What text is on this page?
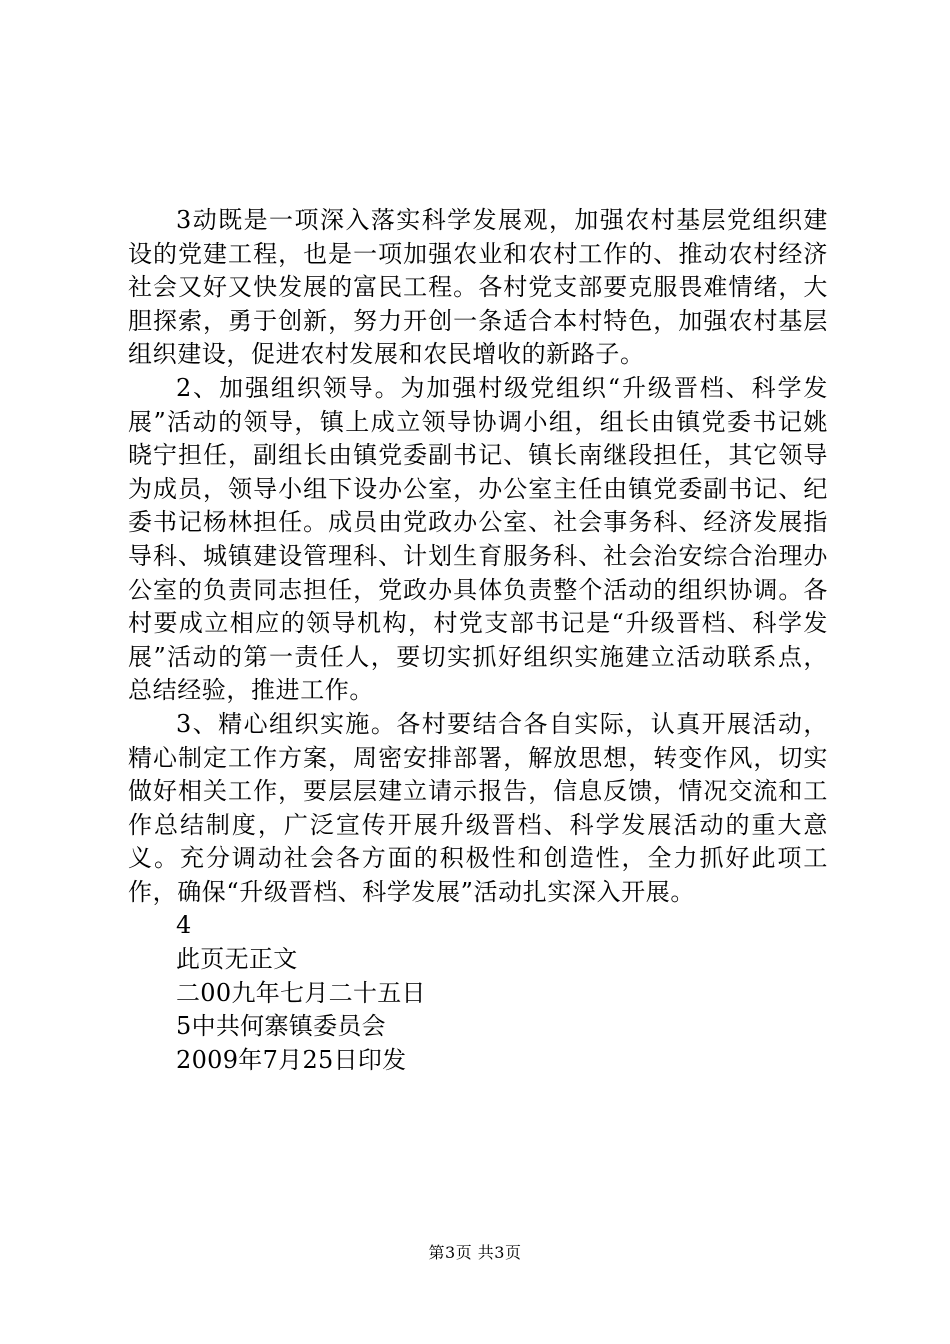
3动既是一项深入落实科学发展观，加强农村基层党组织建设的党建工程，也是一项加强农业和农村工作的、推动农村经济社会又好又快发展的富民工程。各村党支部要克服畏难情绪，大胆探索，勇于创新，努力开创一条适合本村特色，加强农村基层组织建设，促进农村发展和农民增收的新路子。

2、加强组织领导。为加强村级党组织“升级晋档、科学发展”活动的领导，镇上成立领导协调小组，组长由镇党委书记姚晓宁担任，副组长由镇党委副书记、镇长南继段担任，其它领导为成员，领导小组下设办公室，办公室主任由镇党委副书记、纪委书记杨林担任。成员由党政办公室、社会事务科、经济发展指导科、城镇建设管理科、计划生育服务科、社会治安综合治理办公室的负责同志担任，党政办具体负责整个活动的组织协调。各村要成立相应的领导机构，村党支部书记是“升级晋档、科学发展”活动的第一责任人，要切实抓好组织实施建立活动联系点，总结经验，推进工作。

3、精心组织实施。各村要结合各自实际，认真开展活动，精心制定工作方案，周密安排部署，解放思想，转变作风，切实做好相关工作，要层层建立请示报告，信息反馈，情况交流和工作总结制度，广泛宣传开展升级晋档、科学发展活动的重大意义。充分调动社会各方面的积极性和创造性，全力抓好此项工作，确保“升级晋档、科学发展”活动扎实深入开展。

4

此页无正文

二00九年七月二十五日

5中共何寨镇委员会

2009年7月25日印发

第3页 共3页
